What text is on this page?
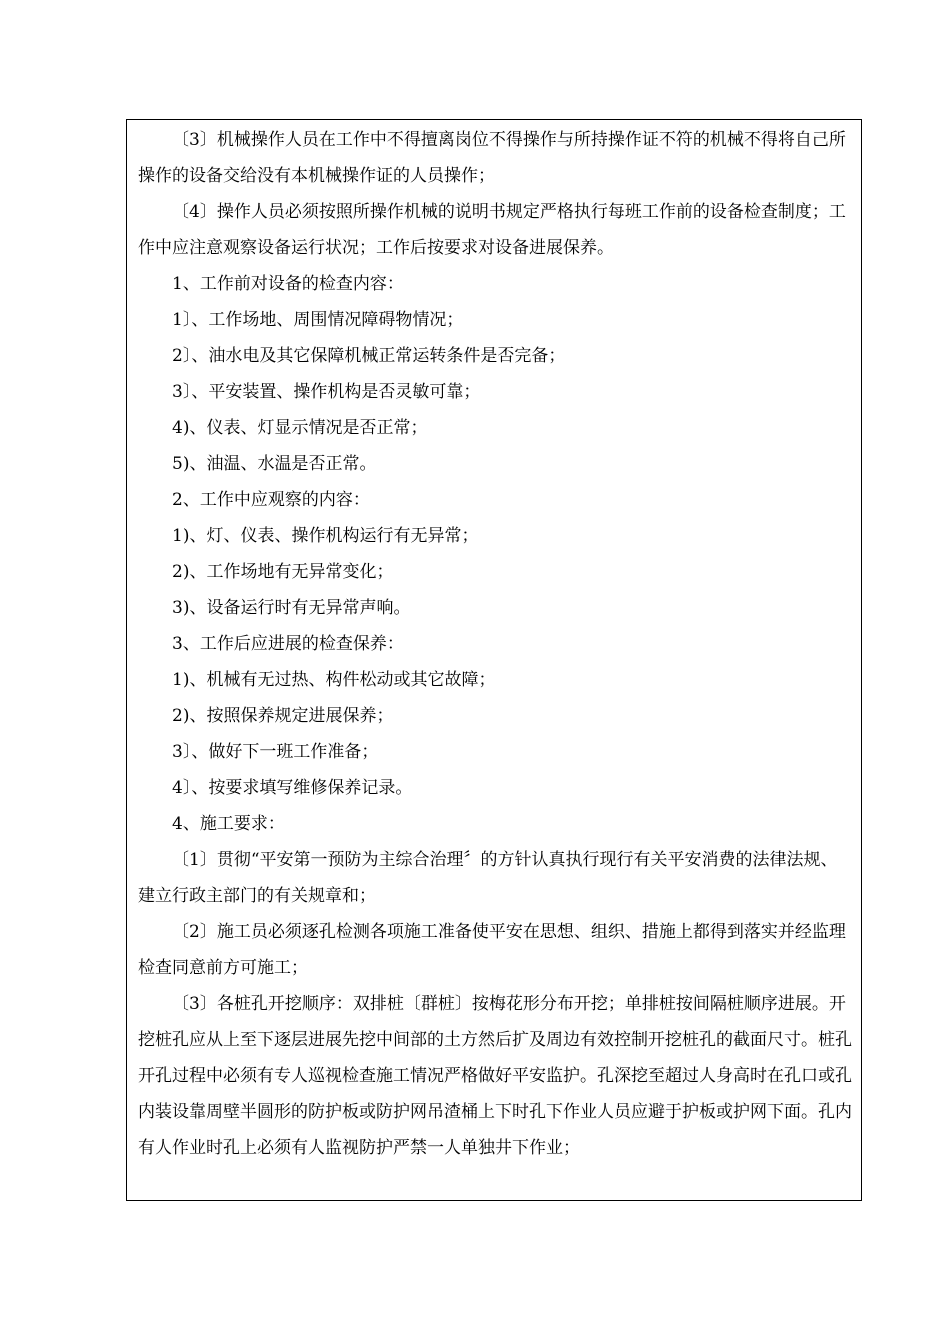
〔3〕机械操作人员在工作中不得擅离岗位不得操作与所持操作证不符的机械不得将自己所操作的设备交给没有本机械操作证的人员操作；

〔4〕操作人员必须按照所操作机械的说明书规定严格执行每班工作前的设备检查制度；工作中应注意观察设备运行状况；工作后按要求对设备进展保养。

1、工作前对设备的检查内容：

1〕、工作场地、周围情况障碍物情况；

2〕、油水电及其它保障机械正常运转条件是否完备；

3〕、平安装置、操作机构是否灵敏可靠；

4)、仪表、灯显示情况是否正常；

5)、油温、水温是否正常。

2、工作中应观察的内容：

1)、灯、仪表、操作机构运行有无异常；

2)、工作场地有无异常变化；

3)、设备运行时有无异常声响。

3、工作后应进展的检查保养：

1)、机械有无过热、构件松动或其它故障；

2)、按照保养规定进展保养；

3〕、做好下一班工作准备；

4〕、按要求填写维修保养记录。

4、施工要求：

〔1〕贯彻“平安第一预防为主综合治理〞的方针认真执行现行有关平安消费的法律法规、建立行政主部门的有关规章和；

〔2〕施工员必须逐孔检测各项施工准备使平安在思想、组织、措施上都得到落实并经监理检查同意前方可施工；

〔3〕各桩孔开挖顺序：双排桩〔群桩〕按梅花形分布开挖；单排桩按间隔桩顺序进展。开挖桩孔应从上至下逐层进展先挖中间部的土方然后扩及周边有效控制开挖桩孔的截面尺寸。桩孔开孔过程中必须有专人巡视检查施工情况严格做好平安监护。孔深挖至超过人身高时在孔口或孔内装设靠周壁半圆形的防护板或防护网吊渣桶上下时孔下作业人员应避于护板或护网下面。孔内有人作业时孔上必须有人监视防护严禁一人单独井下作业；
